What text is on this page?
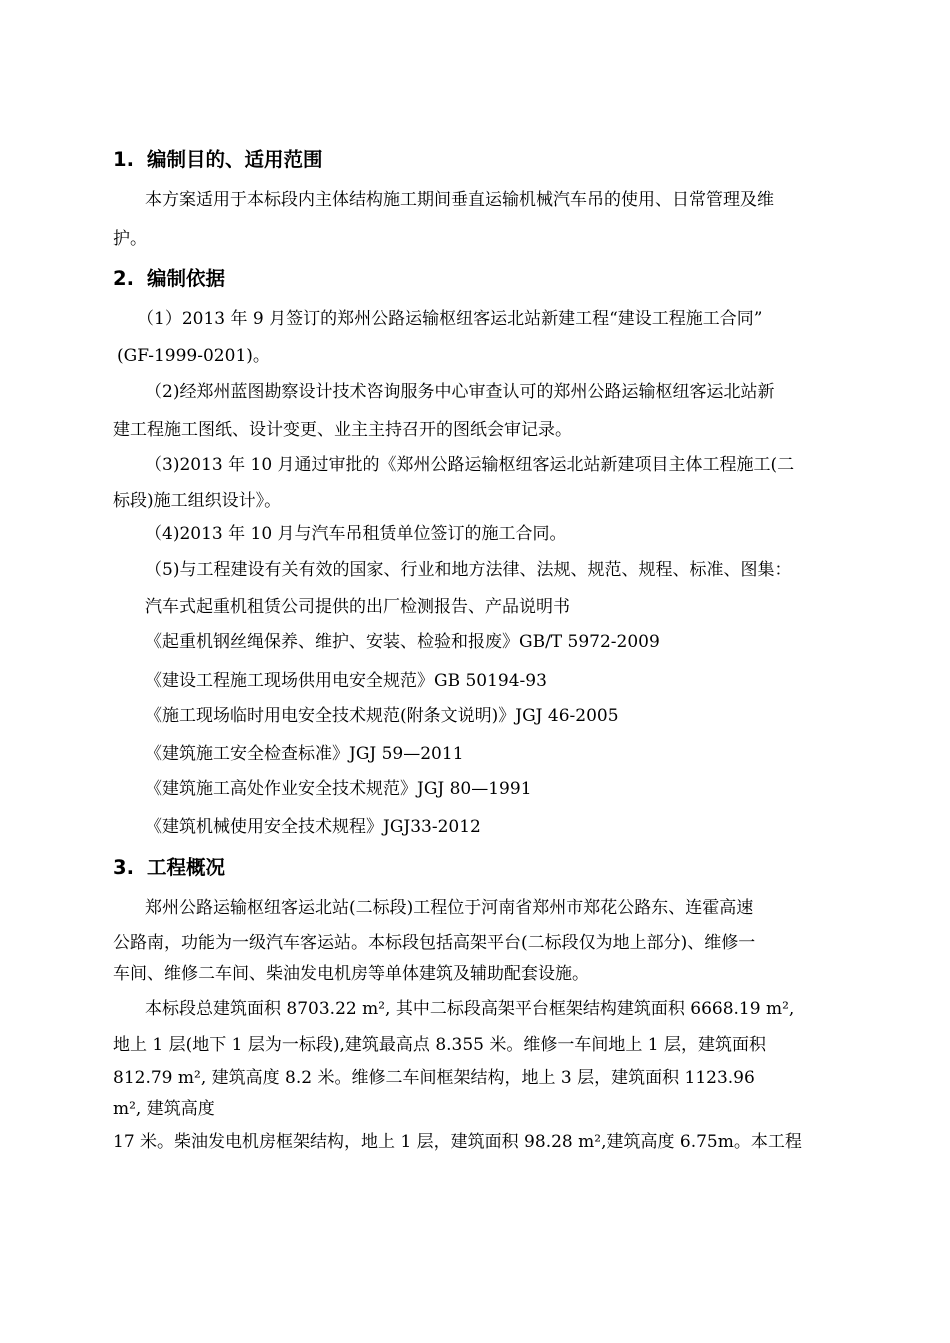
1. 编制目的、适用范围
本方案适用于本标段内主体结构施工期间垂直运输机械汽车吊的使用、日常管理及维
护。
2. 编制依据
（1）2013 年 9 月签订的郑州公路运输枢纽客运北站新建工程“建设工程施工合同”
(GF-1999-0201)。
（2)经郑州蓝图勘察设计技术咨询服务中心审查认可的郑州公路运输枢纽客运北站新
建工程施工图纸、设计变更、业主主持召开的图纸会审记录。
（3)2013 年 10 月通过审批的《郑州公路运输枢纽客运北站新建项目主体工程施工(二
标段)施工组织设计》。
（4)2013 年 10 月与汽车吊租赁单位签订的施工合同。
（5)与工程建设有关有效的国家、行业和地方法律、法规、规范、规程、标准、图集：
汽车式起重机租赁公司提供的出厂检测报告、产品说明书
《起重机钢丝绳保养、维护、安装、检验和报废》GB/T 5972-2009
《建设工程施工现场供用电安全规范》GB 50194-93
《施工现场临时用电安全技术规范(附条文说明)》JGJ 46-2005
《建筑施工安全检查标准》JGJ 59—2011
《建筑施工高处作业安全技术规范》JGJ 80—1991
《建筑机械使用安全技术规程》JGJ33-2012
3. 工程概况
郑州公路运输枢纽客运北站(二标段)工程位于河南省郑州市郑花公路东、连霍高速
公路南，功能为一级汽车客运站。本标段包括高架平台(二标段仅为地上部分)、维修一
车间、维修二车间、柴油发电机房等单体建筑及辅助配套设施。
本标段总建筑面积 8703.22 m², 其中二标段高架平台框架结构建筑面积 6668.19 m²,
地上 1 层(地下 1 层为一标段),建筑最高点 8.355 米。维修一车间地上 1 层，建筑面积
812.79 m², 建筑高度 8.2 米。维修二车间框架结构，地上 3 层，建筑面积 1123.96
m², 建筑高度
17 米。柴油发电机房框架结构，地上 1 层，建筑面积 98.28 m²,建筑高度 6.75m。本工程
